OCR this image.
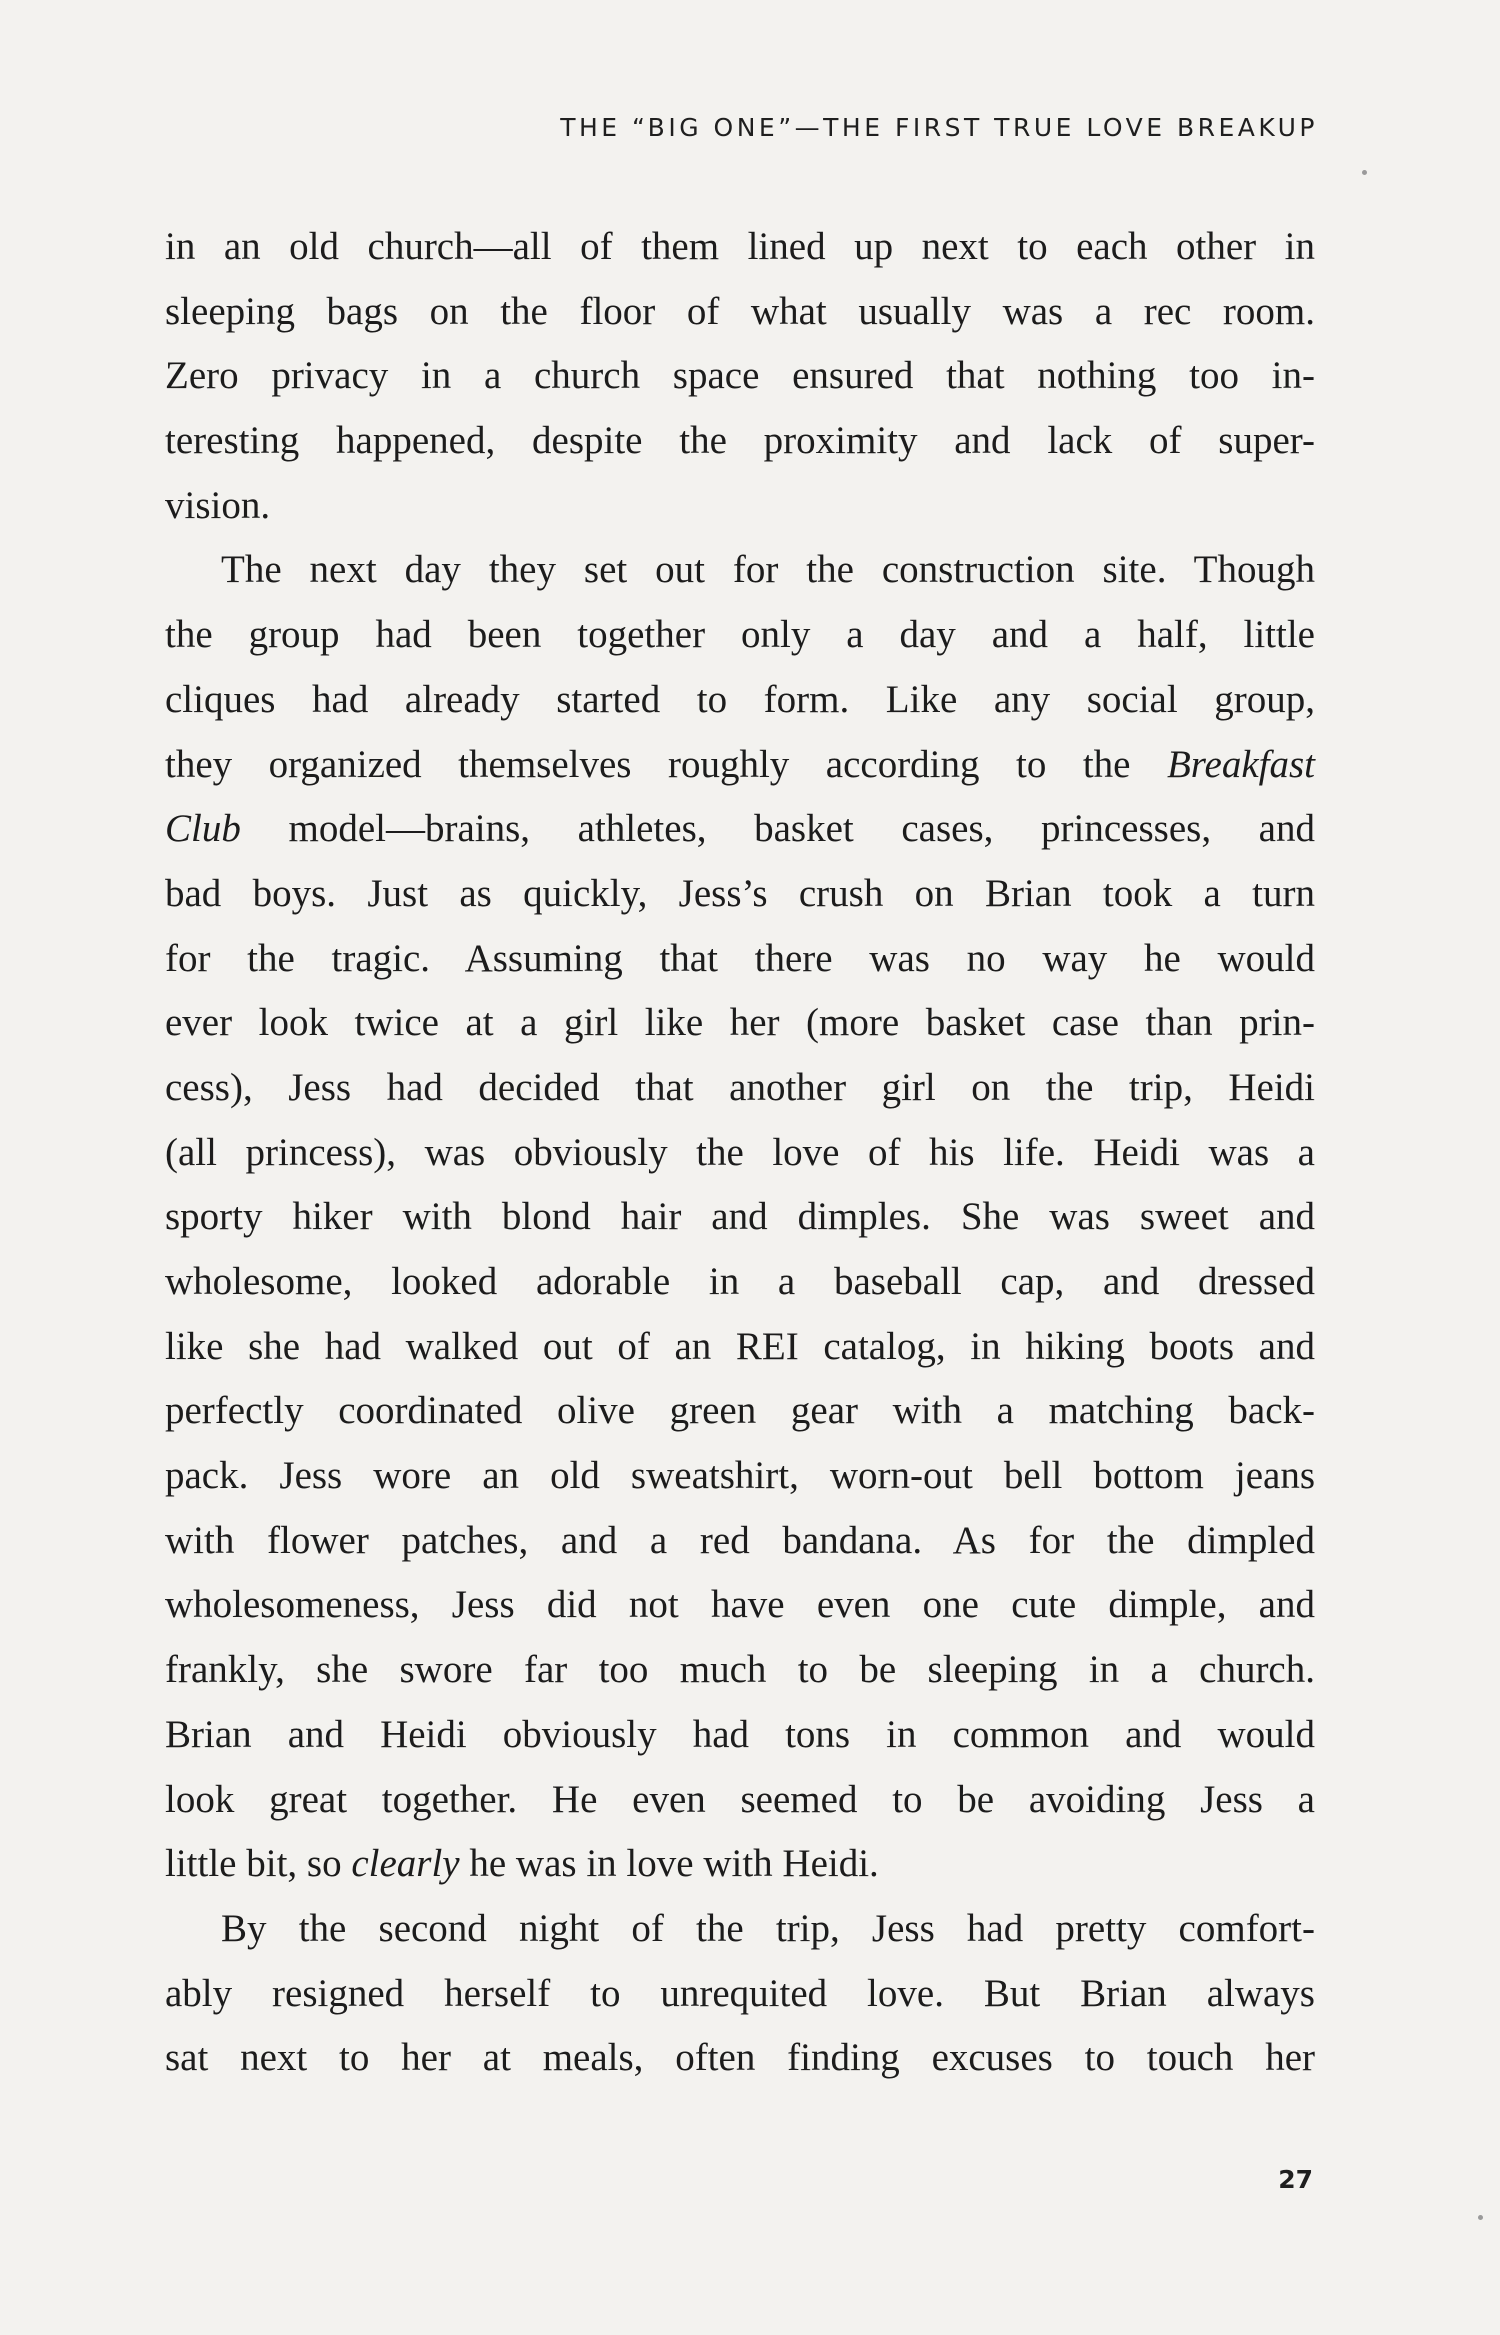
THE “BIG ONE”—THE FIRST TRUE LOVE BREAKUP
in an old church—all of them lined up next to each other in
sleeping bags on the floor of what usually was a rec room.
Zero privacy in a church space ensured that nothing too in-
teresting happened, despite the proximity and lack of super-
vision.
The next day they set out for the construction site. Though
the group had been together only a day and a half, little
cliques had already started to form. Like any social group,
they organized themselves roughly according to the Breakfast
Club model—brains, athletes, basket cases, princesses, and
bad boys. Just as quickly, Jess’s crush on Brian took a turn
for the tragic. Assuming that there was no way he would
ever look twice at a girl like her (more basket case than prin-
cess), Jess had decided that another girl on the trip, Heidi
(all princess), was obviously the love of his life. Heidi was a
sporty hiker with blond hair and dimples. She was sweet and
wholesome, looked adorable in a baseball cap, and dressed
like she had walked out of an REI catalog, in hiking boots and
perfectly coordinated olive green gear with a matching back-
pack. Jess wore an old sweatshirt, worn-out bell bottom jeans
with flower patches, and a red bandana. As for the dimpled
wholesomeness, Jess did not have even one cute dimple, and
frankly, she swore far too much to be sleeping in a church.
Brian and Heidi obviously had tons in common and would
look great together. He even seemed to be avoiding Jess a
little bit, so clearly he was in love with Heidi.
By the second night of the trip, Jess had pretty comfort-
ably resigned herself to unrequited love. But Brian always
sat next to her at meals, often finding excuses to touch her
27
